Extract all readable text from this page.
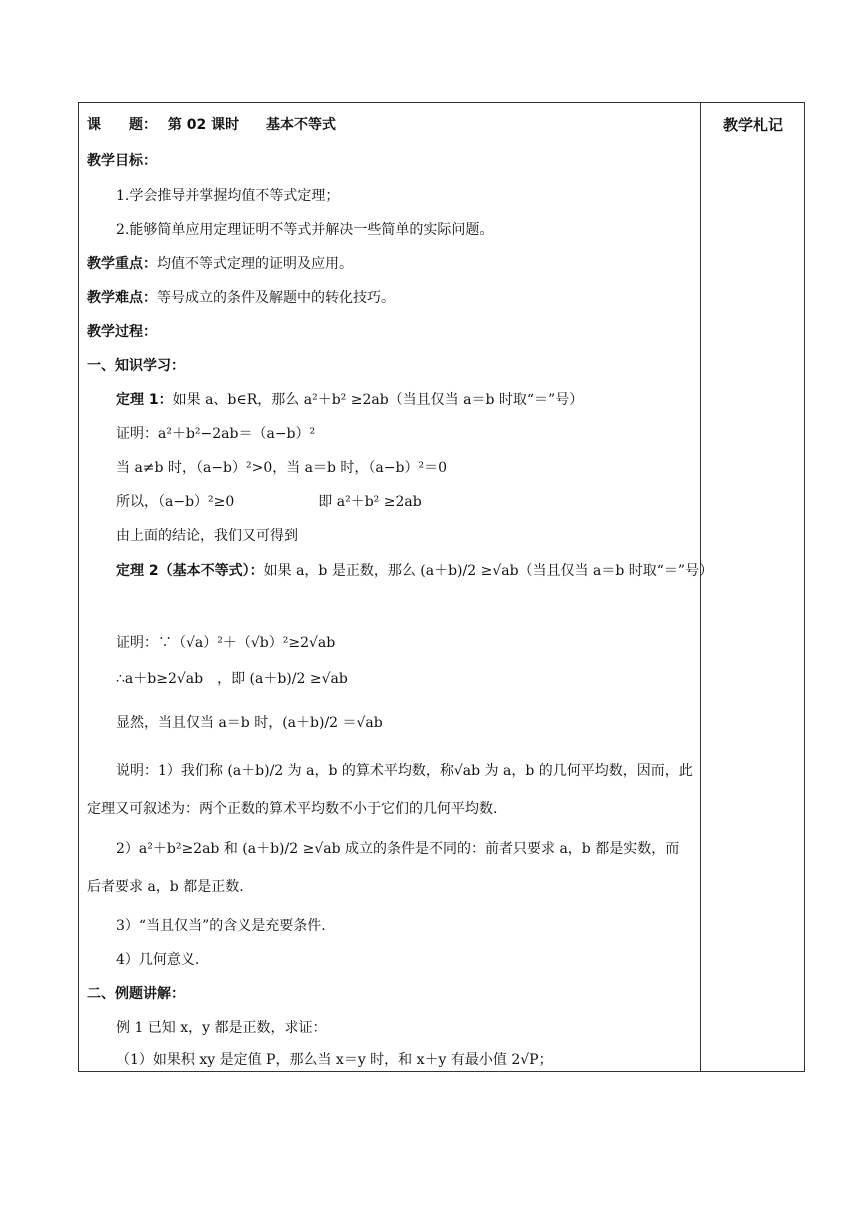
教学札记
课　　题： 第 02 课时 基本不等式
教学目标：
1.学会推导并掌握均值不等式定理；
2.能够简单应用定理证明不等式并解决一些简单的实际问题。
教学重点：均值不等式定理的证明及应用。
教学难点：等号成立的条件及解题中的转化技巧。
教学过程：
一、知识学习：
定理 1：如果 a、b∈R，那么 a²＋b² ≥2ab（当且仅当 a＝b 时取“＝”号）
证明：a²＋b²−2ab＝（a−b）²
当 a≠b 时，（a−b）²>0，当 a＝b 时，（a−b）²＝0
所以，（a−b）²≥0　　　　　　即 a²＋b² ≥2ab
由上面的结论，我们又可得到
定理 2（基本不等式）：如果 a，b 是正数，那么 (a＋b)/2 ≥√ab（当且仅当 a＝b 时取“＝”号）
证明：∵（√a）²＋（√b）²≥2√ab
∴a＋b≥2√ab　，即 (a＋b)/2 ≥√ab
显然，当且仅当 a＝b 时，(a＋b)/2 ＝√ab
说明：1）我们称 (a＋b)/2 为 a，b 的算术平均数，称√ab 为 a，b 的几何平均数，因而，此定理又可叙述为：两个正数的算术平均数不小于它们的几何平均数.
2）a²＋b²≥2ab 和 (a＋b)/2 ≥√ab 成立的条件是不同的：前者只要求 a，b 都是实数，而后者要求 a，b 都是正数.
3）“当且仅当”的含义是充要条件.
4）几何意义.
二、例题讲解：
例 1 已知 x，y 都是正数，求证：
（1）如果积 xy 是定值 P，那么当 x＝y 时，和 x＋y 有最小值 2√P；
